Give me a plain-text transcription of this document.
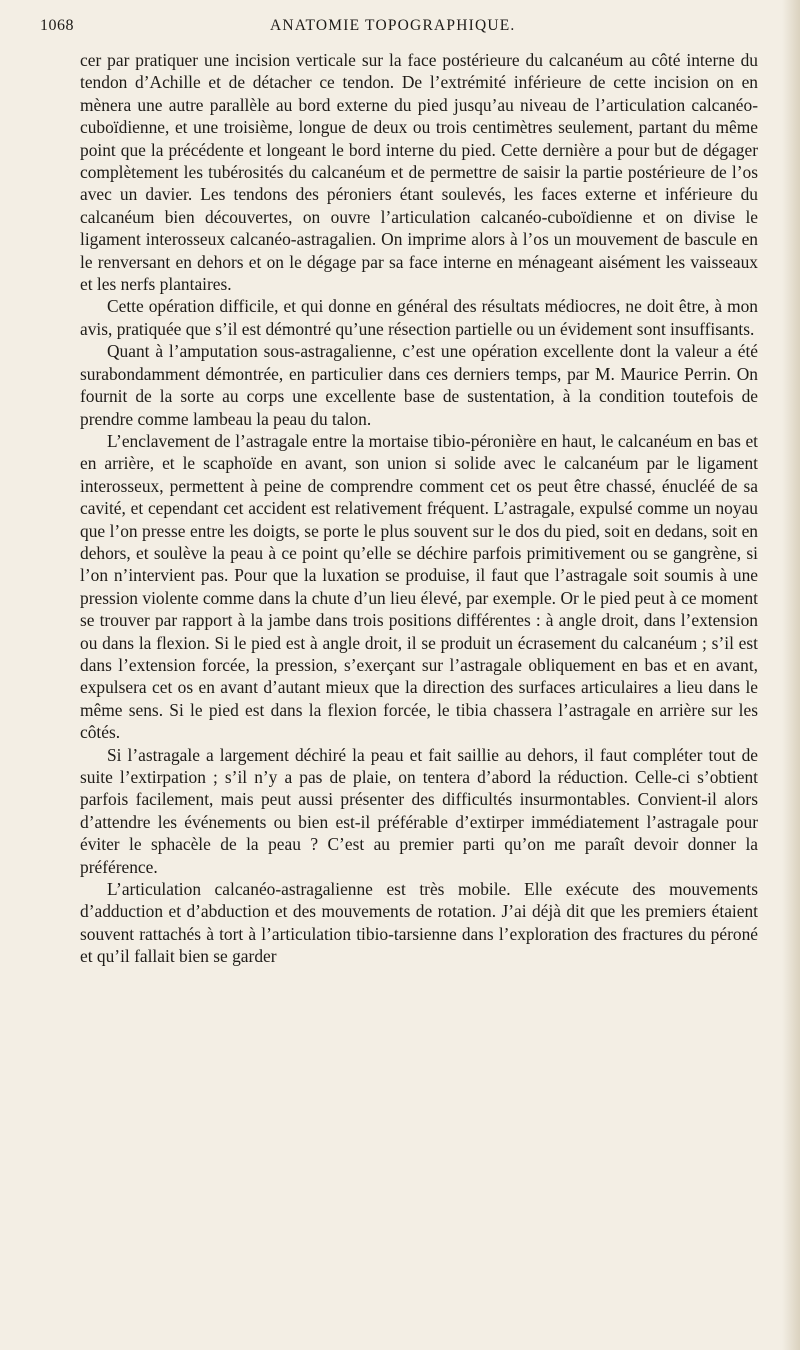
1068	ANATOMIE TOPOGRAPHIQUE.

cer par pratiquer une incision verticale sur la face postérieure du calcanéum au côté interne du tendon d’Achille et de détacher ce tendon. De l’extrémité inférieure de cette incision on en mènera une autre parallèle au bord externe du pied jusqu’au niveau de l’articulation calcanéo-cuboïdienne, et une troisième, longue de deux ou trois centimètres seulement, partant du même point que la précédente et longeant le bord interne du pied. Cette dernière a pour but de dégager complètement les tubérosités du calcanéum et de permettre de saisir la partie postérieure de l’os avec un davier. Les tendons des péroniers étant soulevés, les faces externe et inférieure du calcanéum bien découvertes, on ouvre l’articulation calcanéo-cuboïdienne et on divise le ligament interosseux calcanéo-astragalien. On imprime alors à l’os un mouvement de bascule en le renversant en dehors et on le dégage par sa face interne en ménageant aisément les vaisseaux et les nerfs plantaires.

Cette opération difficile, et qui donne en général des résultats médiocres, ne doit être, à mon avis, pratiquée que s’il est démontré qu’une résection partielle ou un évidement sont insuffisants.

Quant à l’amputation sous-astragalienne, c’est une opération excellente dont la valeur a été surabondamment démontrée, en particulier dans ces derniers temps, par M. Maurice Perrin. On fournit de la sorte au corps une excellente base de sustentation, à la condition toutefois de prendre comme lambeau la peau du talon.

L’enclavement de l’astragale entre la mortaise tibio-péronière en haut, le calcanéum en bas et en arrière, et le scaphoïde en avant, son union si solide avec le calcanéum par le ligament interosseux, permettent à peine de comprendre comment cet os peut être chassé, énucléé de sa cavité, et cependant cet accident est relativement fréquent. L’astragale, expulsé comme un noyau que l’on presse entre les doigts, se porte le plus souvent sur le dos du pied, soit en dedans, soit en dehors, et soulève la peau à ce point qu’elle se déchire parfois primitivement ou se gangrène, si l’on n’intervient pas. Pour que la luxation se produise, il faut que l’astragale soit soumis à une pression violente comme dans la chute d’un lieu élevé, par exemple. Or le pied peut à ce moment se trouver par rapport à la jambe dans trois positions différentes : à angle droit, dans l’extension ou dans la flexion. Si le pied est à angle droit, il se produit un écrasement du calcanéum ; s’il est dans l’extension forcée, la pression, s’exerçant sur l’astragale obliquement en bas et en avant, expulsera cet os en avant d’autant mieux que la direction des surfaces articulaires a lieu dans le même sens. Si le pied est dans la flexion forcée, le tibia chassera l’astragale en arrière sur les côtés.

Si l’astragale a largement déchiré la peau et fait saillie au dehors, il faut compléter tout de suite l’extirpation ; s’il n’y a pas de plaie, on tentera d’abord la réduction. Celle-ci s’obtient parfois facilement, mais peut aussi présenter des difficultés insurmontables. Convient-il alors d’attendre les événements ou bien est-il préférable d’extirper immédiatement l’astragale pour éviter le sphacèle de la peau ? C’est au premier parti qu’on me paraît devoir donner la préférence.

L’articulation calcanéo-astragalienne est très mobile. Elle exécute des mouvements d’adduction et d’abduction et des mouvements de rotation. J’ai déjà dit que les premiers étaient souvent rattachés à tort à l’articulation tibio-tarsienne dans l’exploration des fractures du péroné et qu’il fallait bien se garder
